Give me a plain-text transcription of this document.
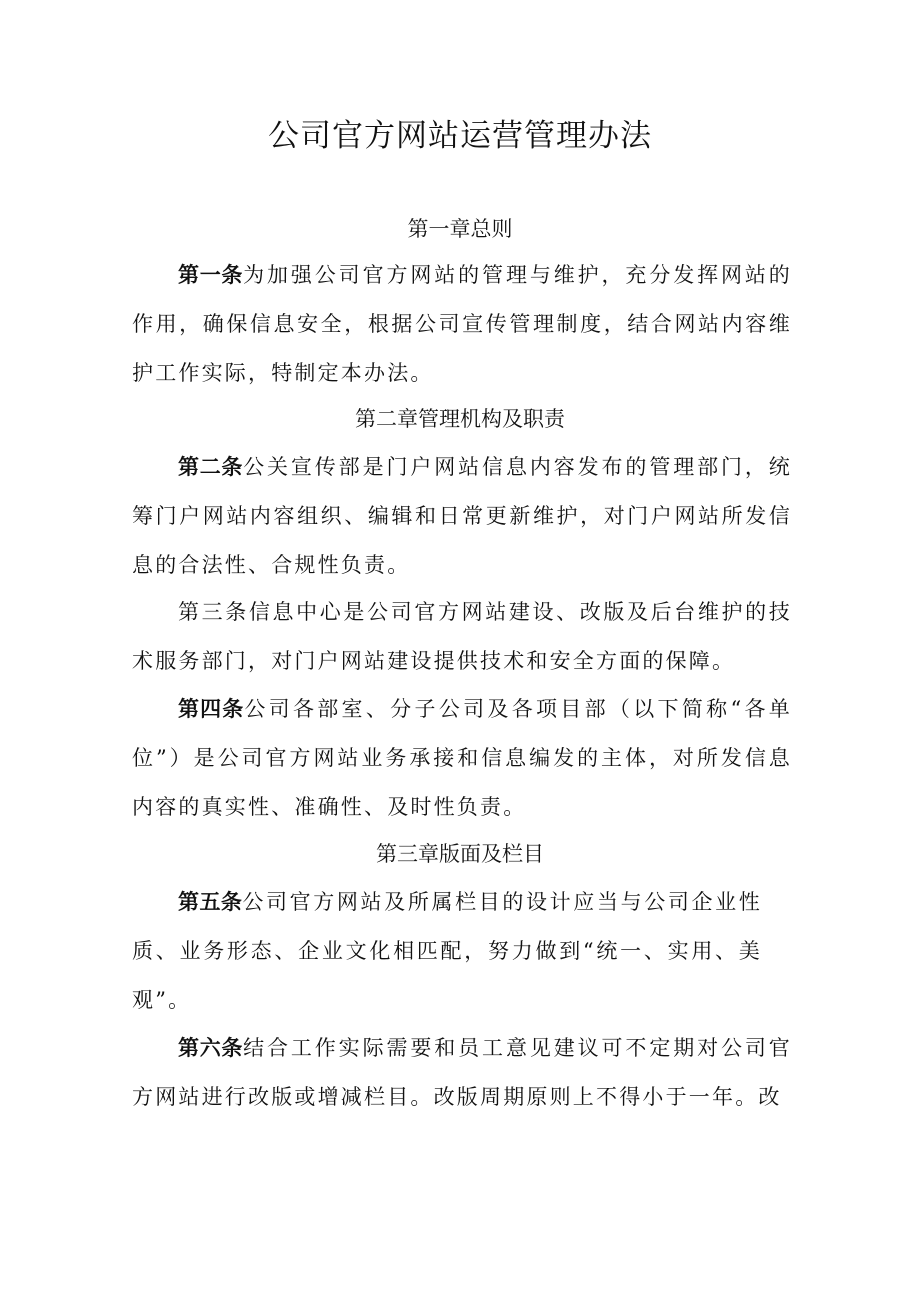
公司官方网站运营管理办法
第一章总则

第一条为加强公司官方网站的管理与维护，充分发挥网站的作用，确保信息安全，根据公司宣传管理制度，结合网站内容维护工作实际，特制定本办法。

第二章管理机构及职责

第二条公关宣传部是门户网站信息内容发布的管理部门，统筹门户网站内容组织、编辑和日常更新维护，对门户网站所发信息的合法性、合规性负责。

第三条信息中心是公司官方网站建设、改版及后台维护的技术服务部门，对门户网站建设提供技术和安全方面的保障。

第四条公司各部室、分子公司及各项目部（以下简称“各单位”）是公司官方网站业务承接和信息编发的主体，对所发信息内容的真实性、准确性、及时性负责。

第三章版面及栏目

第五条公司官方网站及所属栏目的设计应当与公司企业性质、业务形态、企业文化相匹配，努力做到“统一、实用、美观”。

第六条结合工作实际需要和员工意见建议可不定期对公司官方网站进行改版或增减栏目。改版周期原则上不得小于一年。改
